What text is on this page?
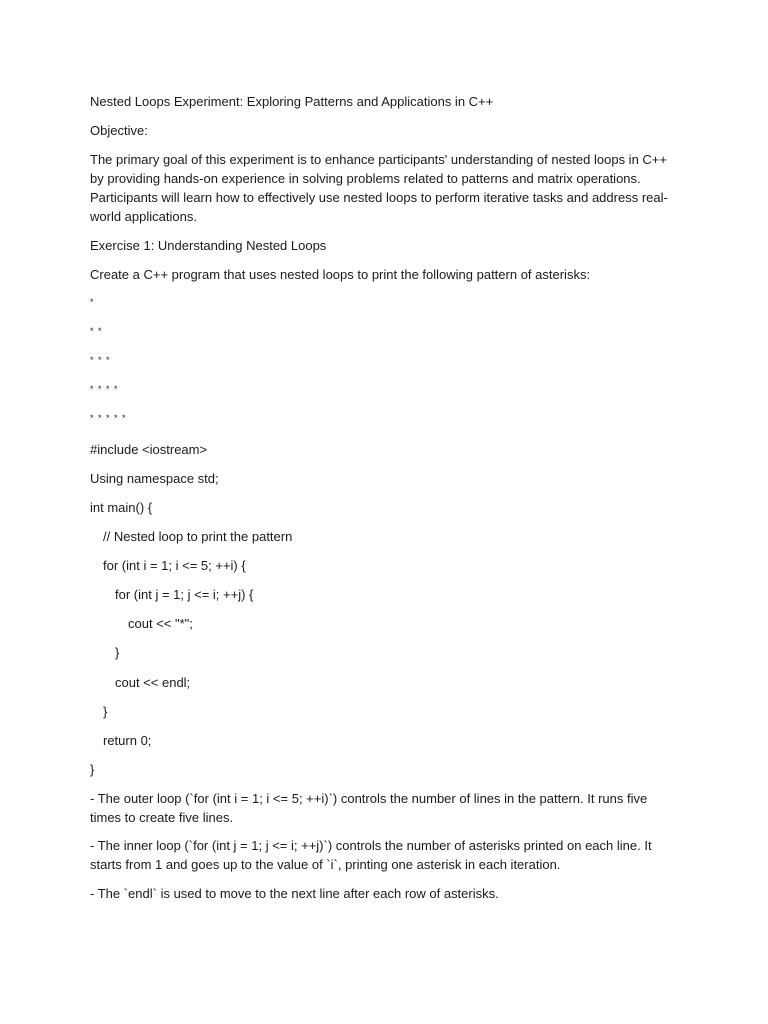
Nested Loops Experiment: Exploring Patterns and Applications in C++
Objective:
The primary goal of this experiment is to enhance participants' understanding of nested loops in C++ by providing hands-on experience in solving problems related to patterns and matrix operations. Participants will learn how to effectively use nested loops to perform iterative tasks and address real-world applications.
Exercise 1: Understanding Nested Loops
Create a C++ program that uses nested loops to print the following pattern of asterisks:
*
* *
* * *
* * * *
* * * * *
#include <iostream>
Using namespace std;
int main() {
// Nested loop to print the pattern
for (int i = 1; i <= 5; ++i) {
for (int j = 1; j <= i; ++j) {
cout << "*";
}
cout << endl;
}
return 0;
}
- The outer loop (`for (int i = 1; i <= 5; ++i)`) controls the number of lines in the pattern. It runs five times to create five lines.
- The inner loop (`for (int j = 1; j <= i; ++j)`) controls the number of asterisks printed on each line. It starts from 1 and goes up to the value of `i`, printing one asterisk in each iteration.
- The `endl` is used to move to the next line after each row of asterisks.
